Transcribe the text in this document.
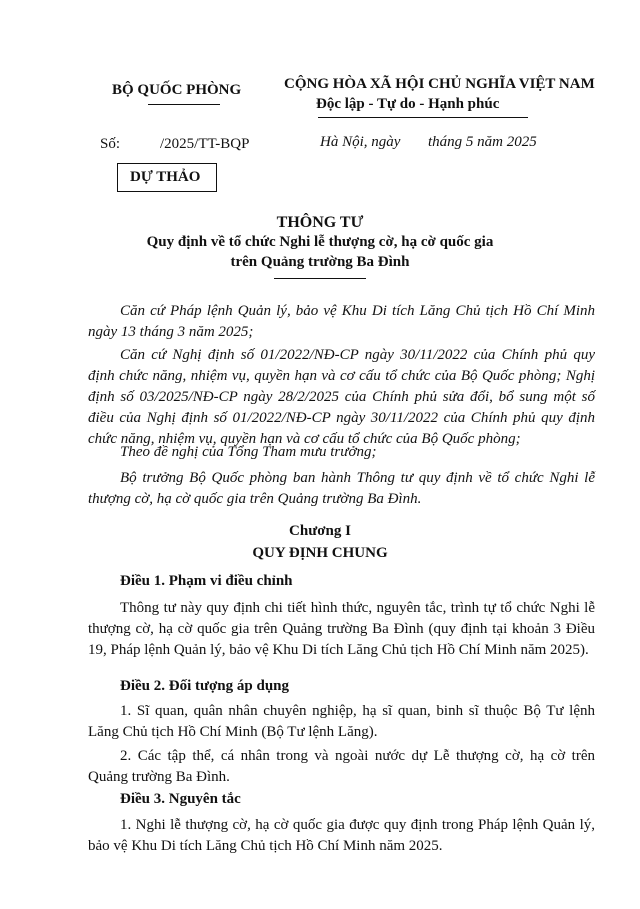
BỘ QUỐC PHÒNG	CỘNG HÒA XÃ HỘI CHỦ NGHĨA VIỆT NAM
Độc lập - Tự do - Hạnh phúc
Số:	/2025/TT-BQP	Hà Nội, ngày tháng 5 năm 2025
DỰ THẢO
THÔNG TƯ
Quy định về tổ chức Nghi lễ thượng cờ, hạ cờ quốc gia
trên Quảng trường Ba Đình
Căn cứ Pháp lệnh Quản lý, bảo vệ Khu Di tích Lăng Chủ tịch Hồ Chí Minh ngày 13 tháng 3 năm 2025;
Căn cứ Nghị định số 01/2022/NĐ-CP ngày 30/11/2022 của Chính phủ quy định chức năng, nhiệm vụ, quyền hạn và cơ cấu tổ chức của Bộ Quốc phòng; Nghị định số 03/2025/NĐ-CP ngày 28/2/2025 của Chính phủ sửa đổi, bổ sung một số điều của Nghị định số 01/2022/NĐ-CP ngày 30/11/2022 của Chính phủ quy định chức năng, nhiệm vụ, quyền hạn và cơ cấu tổ chức của Bộ Quốc phòng;
Theo đề nghị của Tổng Tham mưu trưởng;
Bộ trưởng Bộ Quốc phòng ban hành Thông tư quy định về tổ chức Nghi lễ thượng cờ, hạ cờ quốc gia trên Quảng trường Ba Đình.
Chương I
QUY ĐỊNH CHUNG
Điều 1. Phạm vi điều chỉnh
Thông tư này quy định chi tiết hình thức, nguyên tắc, trình tự tổ chức Nghi lễ thượng cờ, hạ cờ quốc gia trên Quảng trường Ba Đình (quy định tại khoản 3 Điều 19, Pháp lệnh Quản lý, bảo vệ Khu Di tích Lăng Chủ tịch Hồ Chí Minh năm 2025).
Điều 2. Đối tượng áp dụng
1. Sĩ quan, quân nhân chuyên nghiệp, hạ sĩ quan, binh sĩ thuộc Bộ Tư lệnh Lăng Chủ tịch Hồ Chí Minh (Bộ Tư lệnh Lăng).
2. Các tập thể, cá nhân trong và ngoài nước dự Lễ thượng cờ, hạ cờ trên Quảng trường Ba Đình.
Điều 3. Nguyên tắc
1. Nghi lễ thượng cờ, hạ cờ quốc gia được quy định trong Pháp lệnh Quản lý, bảo vệ Khu Di tích Lăng Chủ tịch Hồ Chí Minh năm 2025.
